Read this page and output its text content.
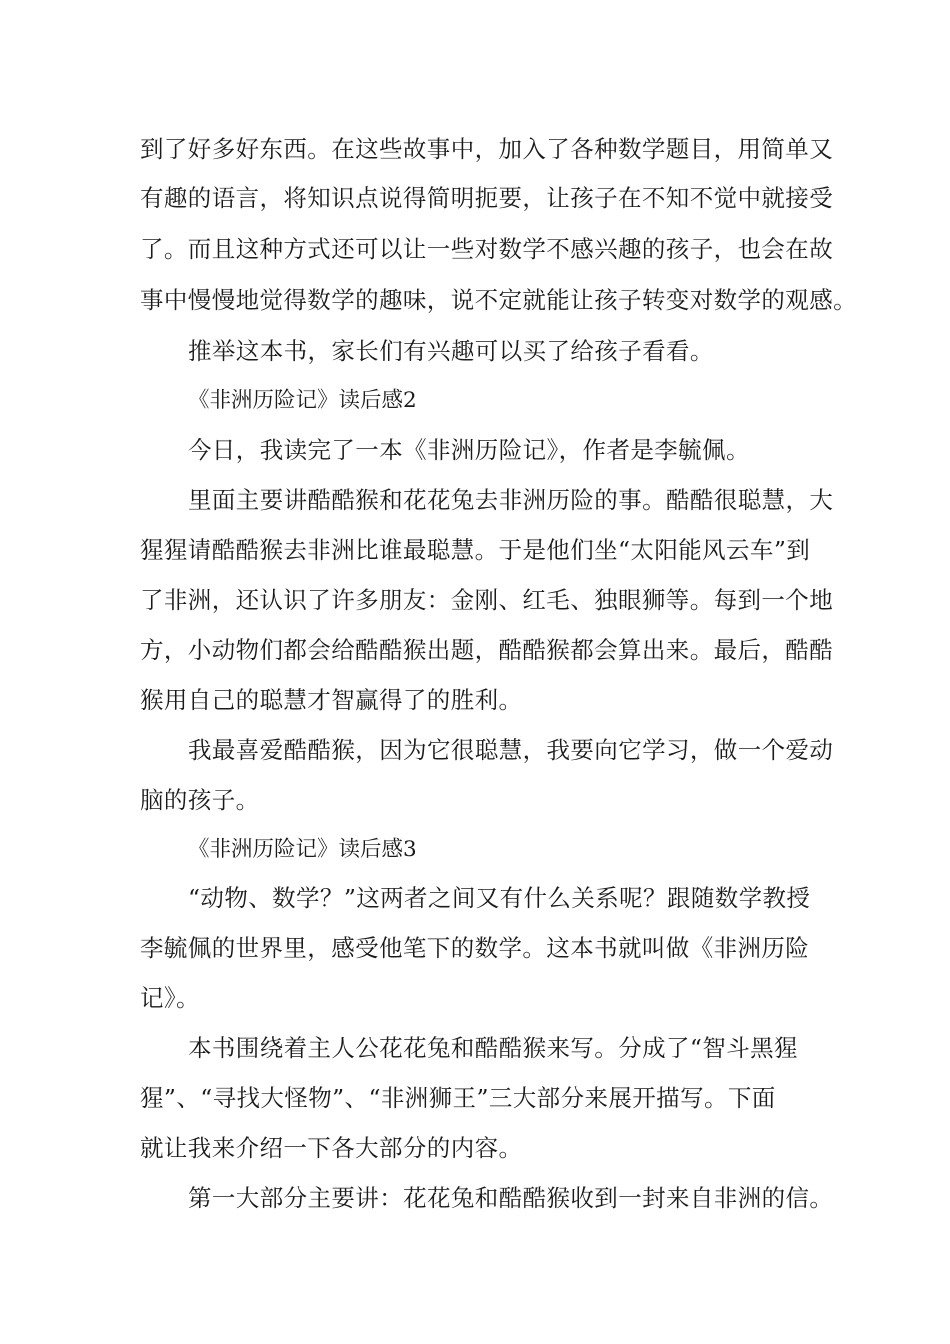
到了好多好东西。在这些故事中，加入了各种数学题目，用简单又
有趣的语言，将知识点说得简明扼要，让孩子在不知不觉中就接受
了。而且这种方式还可以让一些对数学不感兴趣的孩子，也会在故
事中慢慢地觉得数学的趣味，说不定就能让孩子转变对数学的观感。
推举这本书，家长们有兴趣可以买了给孩子看看。
《非洲历险记》读后感2
今日，我读完了一本《非洲历险记》，作者是李毓佩。
里面主要讲酷酷猴和花花兔去非洲历险的事。酷酷很聪慧，大
猩猩请酷酷猴去非洲比谁最聪慧。于是他们坐“太阳能风云车”到
了非洲，还认识了许多朋友：金刚、红毛、独眼狮等。每到一个地
方，小动物们都会给酷酷猴出题，酷酷猴都会算出来。最后，酷酷
猴用自己的聪慧才智赢得了的胜利。
我最喜爱酷酷猴，因为它很聪慧，我要向它学习，做一个爱动
脑的孩子。
《非洲历险记》读后感3
“动物、数学？”这两者之间又有什么关系呢？跟随数学教授
李毓佩的世界里，感受他笔下的数学。这本书就叫做《非洲历险
记》。
本书围绕着主人公花花兔和酷酷猴来写。分成了“智斗黑猩
猩”、“寻找大怪物”、“非洲狮王”三大部分来展开描写。下面
就让我来介绍一下各大部分的内容。
第一大部分主要讲：花花兔和酷酷猴收到一封来自非洲的信。
